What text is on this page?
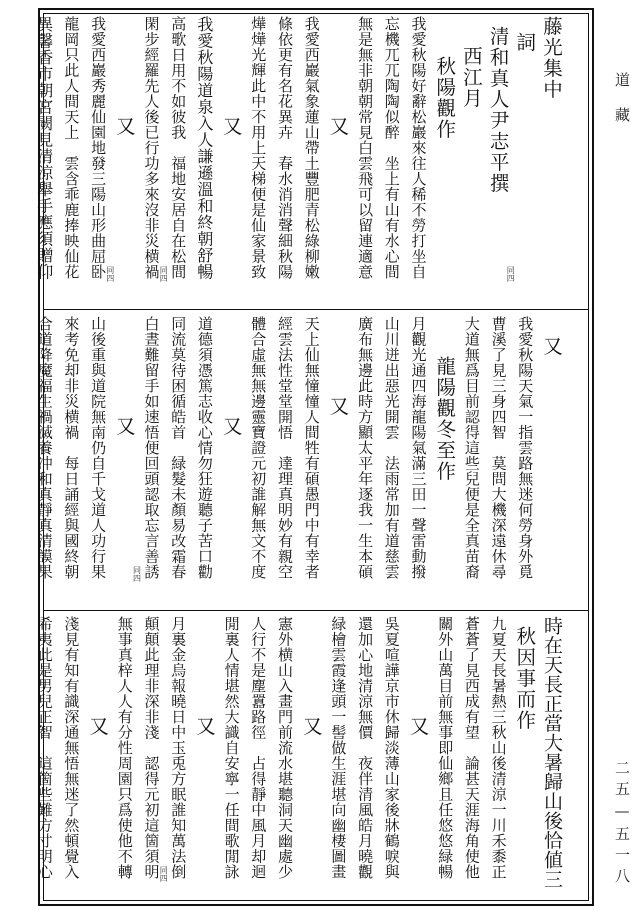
道藏
二五—五一八
藤光集中
詞
清和真人尹志平撰
西江月
秋陽觀作
我愛秋陽好辭松巖來往人稀不勞打坐自
忘機兀兀陶陶似醉　坐上有山有水心間
無是無非朝朝常見白雲飛可以留連適意
又
我愛西巖氣象蓮山帶土豐肥青松綠柳嫩
條依更有名花異卉　春水消消聲細秋陽
燁燁光輝此中不用上天梯便是仙家景致
又
我愛秋陽道泉入人謙遜溫和終朝舒暢
高歌日用不如彼我　福地安居自在松間
閑步經羅先人後已行功多來沒非災横禍
又
我愛西巖秀麗仙園地發三陽山形曲屈卧
龍岡只此人間天上　雲含乖鹿捧映仙花
異馨香市朝宮闕見清涼舉手應須贈仰	同四
同四
同四
又
我愛秋陽天氣一指雲路無迷何勞身外覓
曹溪了見三身四智　莫問大機深遠休尋
大道無爲目前認得這些兒便是全真苗裔
龍陽觀冬至作
月觀光通四海龍陽氣滿三田一聲雷動撥
山川迸出惡光開雲　法雨常加有道慈雲
廣布無邊此時方顯太平年逐我一生本碩
又
天上仙無憧憧人間牲有碩愚門中有幸者
經雲法性堂堂開悟　達理真明妙有親空
體合虛無無邊靈寶證元初誰解無文不度
又
道德須憑篤志收心情勿狂遊聽子苦口勸
同流莫待困循皓首　緑髮未顏易改霜春
白晝難留手如速悟便回頭認取忘言善誘
又
山後重與道院無南仍自千戈道人功行果
來考免却非災横禍　每日誦經與國終朝
合道降魔福生禍滅養冲和真靜真清謨果	同四
時在天長正當大暑歸山後恰値三
秋因事而作
九夏天長暑熱三秋山後清涼一川禾黍正
蒼蒼了見西成有望　論甚天涯海角使他
關外山萬目前無事即仙鄉且任悠悠緑暢
又
吳夏喧譁京市休歸淡薄山家後牀鶴唳與
還加心地清涼無價　夜伴清風皓月曉觀
緑檜雲霞逢頭一髻做生涯堪向幽棲圖畫
又
憲外横山入畫門前流水堪聽洞天幽處少
人行不是塵囂路徑　占得靜中風月却迴
閒裏人情堪然大識自安寧一任間歌閒詠
又
月裏金烏報曉日中玉兎方眠誰知萬法倒
顛顛此理非深非淺　認得元初這箇須明
無事真梓人人有分性周園只爲使他不轉
又
淺見有知有識深通無悟無迷了然頓覺入
希夷此是男兒正智　這箇些難方寸明心	同四
